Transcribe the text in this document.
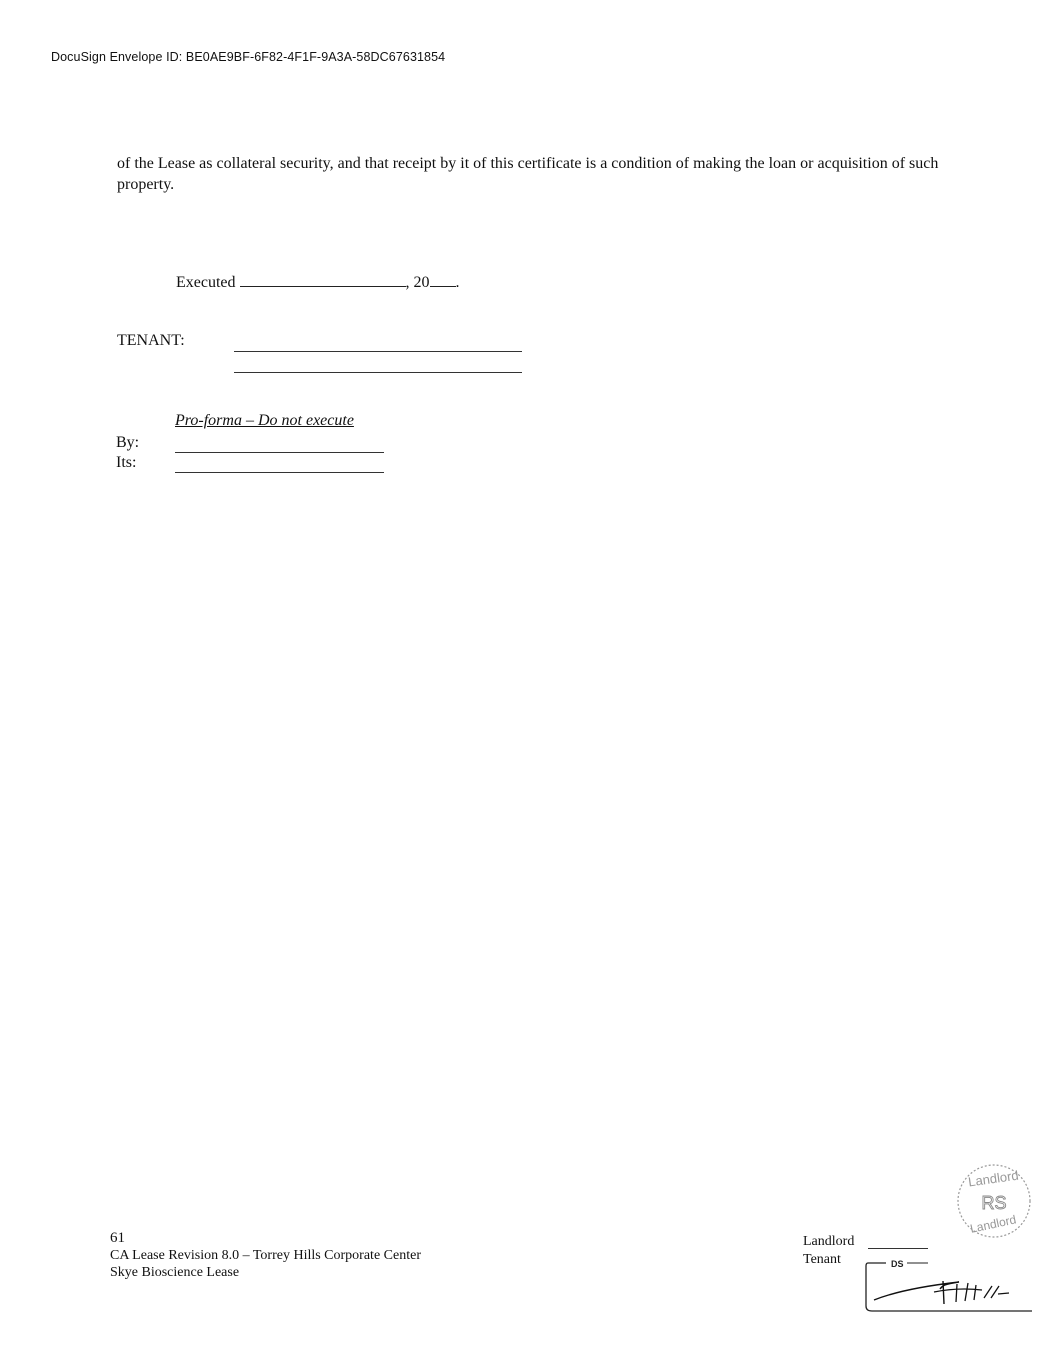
DocuSign Envelope ID: BE0AE9BF-6F82-4F1F-9A3A-58DC67631854
of the Lease as collateral security, and that receipt by it of this certificate is a condition of making the loan or acquisition of such property.
Executed	, 20 .
TENANT:
Pro-forma – Do not execute
By:
Its:
61
CA Lease Revision 8.0 – Torrey Hills Corporate Center
Skye Bioscience Lease
Landlord
Tenant
Landlord
RS
Landlord
DS
